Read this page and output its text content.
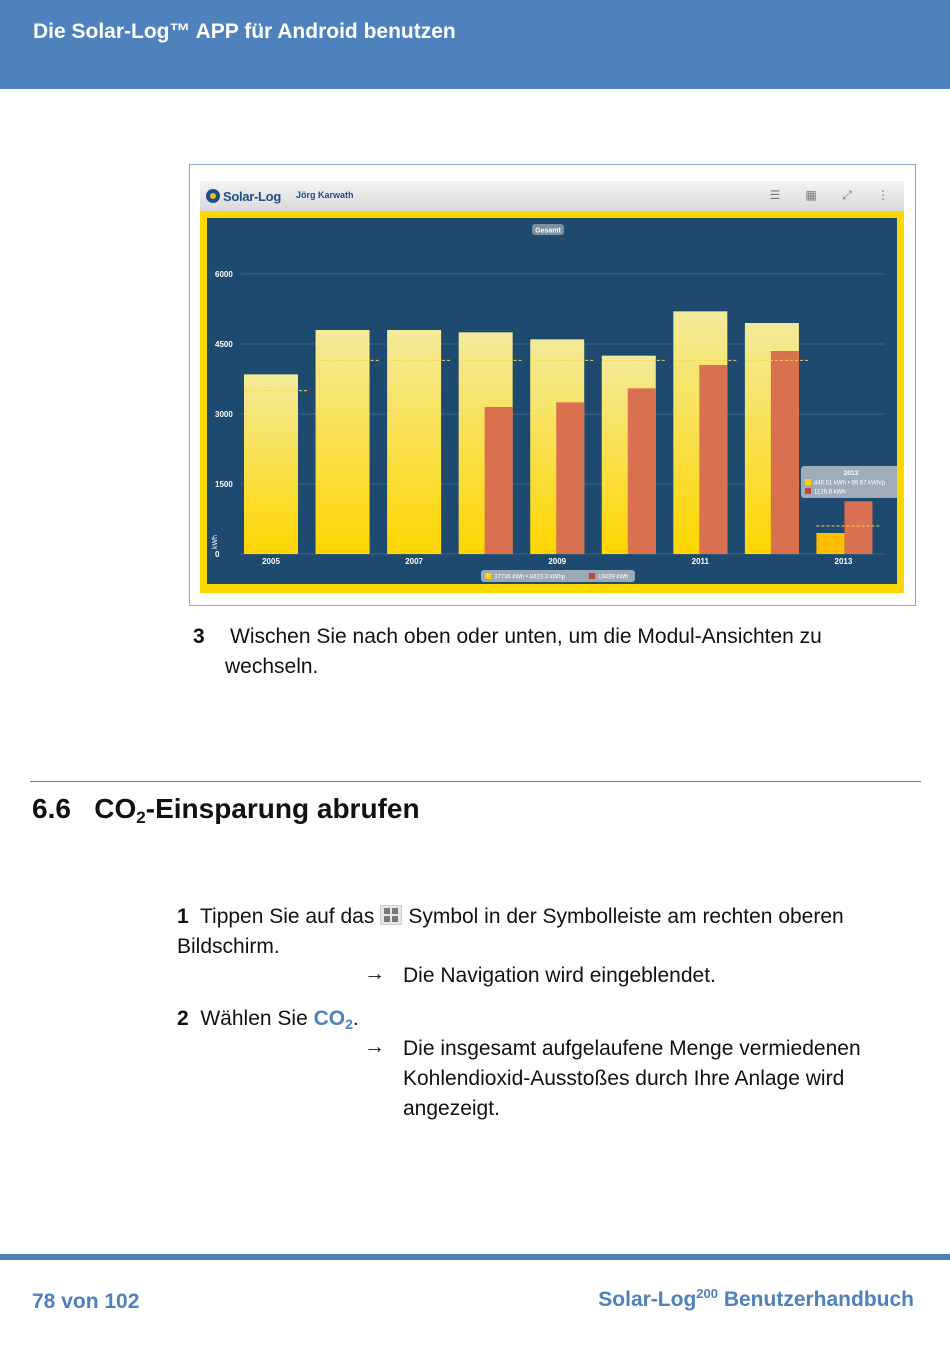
Die Solar-Log™ APP für Android benutzen
Solar-Log Jörg Karwath	☰ ▦ ⤢ ⋮
0
1500
3000
4500
6000
kWh
Gesamt
2005	2007	2009	2011	2013
2013
446.51 kWh • 99.67 kWh/p
1126.8 kWh
37736 kWh • 8423.3 kWhp	19439 kWh
3 Wischen Sie nach oben oder unten, um die Modul-Ansichten zu wechseln.
6.6 $CO_2$-Einsparung abrufen
1 Tippen Sie auf das Symbol in der Symbolleiste am rechten oberen
Bildschirm.
→ Die Navigation wird eingeblendet.
2 Wählen Sie $CO_2$.
→ Die insgesamt aufgelaufene Menge vermiedenen
Kohlendioxid-Ausstoßes durch Ihre Anlage wird
angezeigt.
78 von 102	Solar-Log$^{200}$ Benutzerhandbuch
